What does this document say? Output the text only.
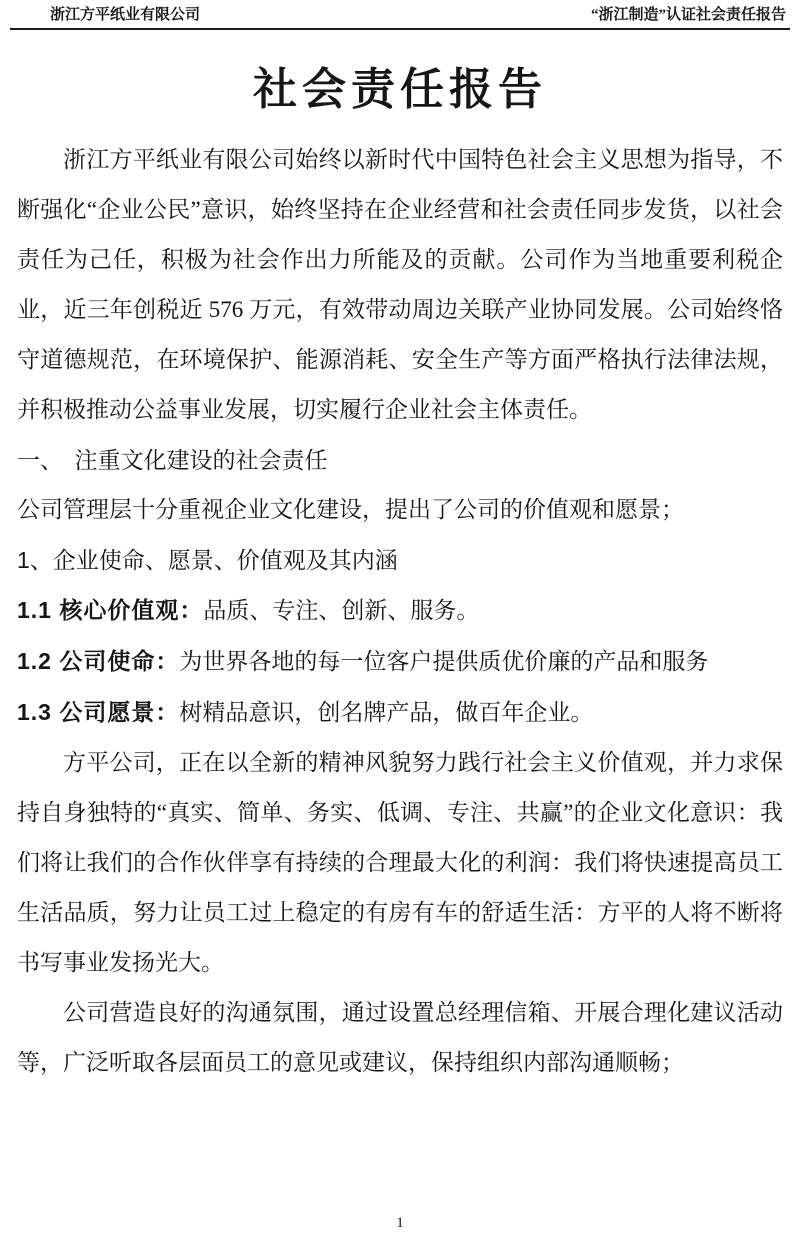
浙江方平纸业有限公司	“浙江制造”认证社会责任报告
社会责任报告

浙江方平纸业有限公司始终以新时代中国特色社会主义思想为指导，不断强化“企业公民”意识，始终坚持在企业经营和社会责任同步发货，以社会责任为己任，积极为社会作出力所能及的贡献。公司作为当地重要利税企业，近三年创税近 576 万元，有效带动周边关联产业协同发展。公司始终恪守道德规范，在环境保护、能源消耗、安全生产等方面严格执行法律法规，并积极推动公益事业发展，切实履行企业社会主体责任。

一、　注重文化建设的社会责任

公司管理层十分重视企业文化建设，提出了公司的价值观和愿景；

1、企业使命、愿景、价值观及其内涵

1.1 核心价值观：品质、专注、创新、服务。

1.2 公司使命：为世界各地的每一位客户提供质优价廉的产品和服务

1.3 公司愿景：树精品意识，创名牌产品，做百年企业。

方平公司，正在以全新的精神风貌努力践行社会主义价值观，并力求保持自身独特的“真实、简单、务实、低调、专注、共赢”的企业文化意识：我们将让我们的合作伙伴享有持续的合理最大化的利润：我们将快速提高员工生活品质，努力让员工过上稳定的有房有车的舒适生活：方平的人将不断将书写事业发扬光大。

公司营造良好的沟通氛围，通过设置总经理信箱、开展合理化建议活动等，广泛听取各层面员工的意见或建议，保持组织内部沟通顺畅；

1
